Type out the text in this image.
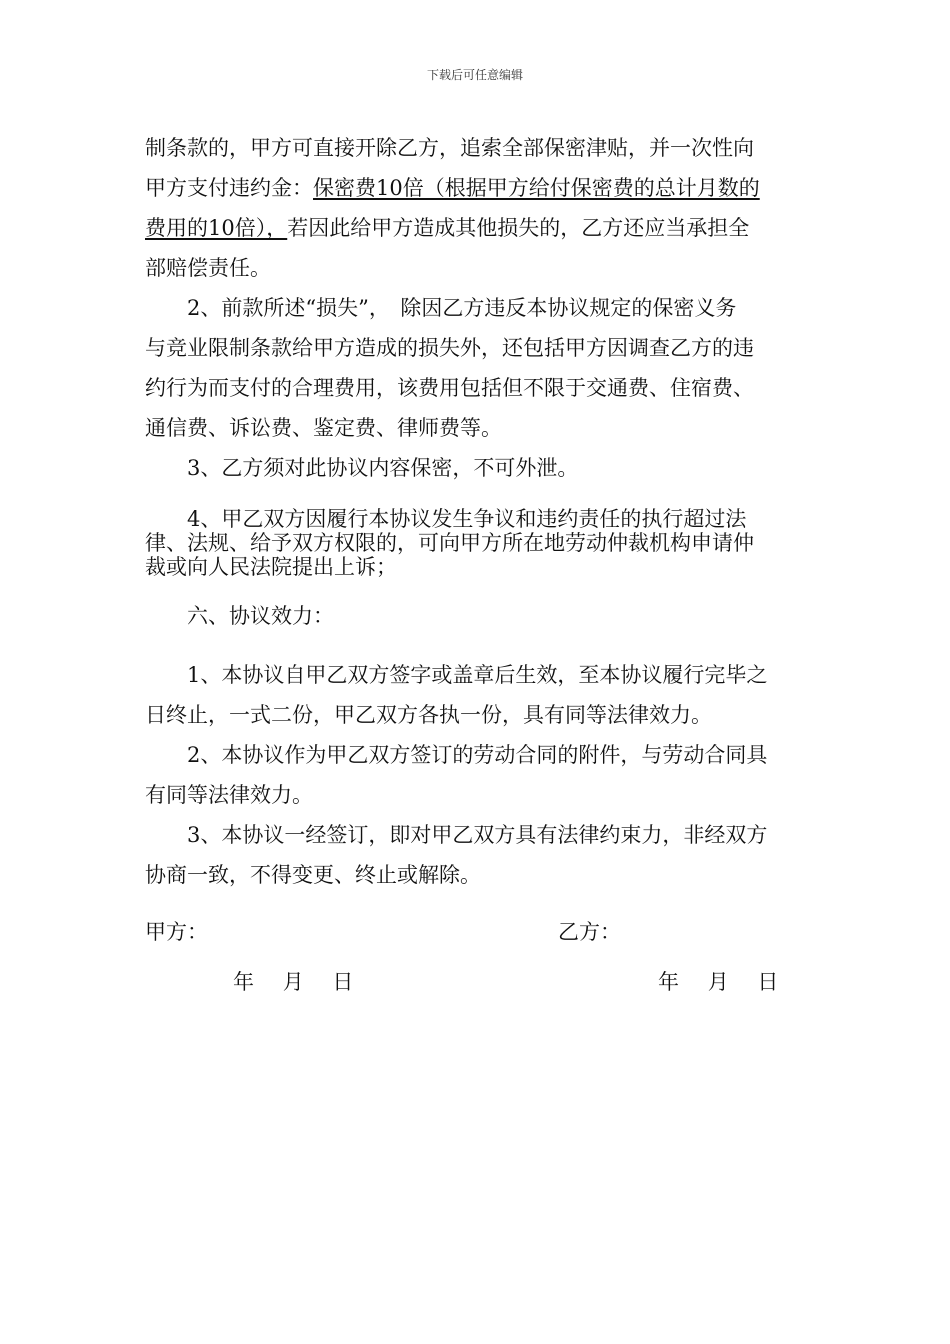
下载后可任意编辑
制条款的，甲方可直接开除乙方，追索全部保密津贴，并一次性向
甲方支付违约金：保密费10倍（根据甲方给付保密费的总计月数的
费用的10倍），若因此给甲方造成其他损失的，乙方还应当承担全
部赔偿责任。
　　2、前款所述“损失”，　除因乙方违反本协议规定的保密义务
与竞业限制条款给甲方造成的损失外，还包括甲方因调查乙方的违
约行为而支付的合理费用，该费用包括但不限于交通费、住宿费、
通信费、诉讼费、鉴定费、律师费等。
　　3、乙方须对此协议内容保密，不可外泄。
　　4、甲乙双方因履行本协议发生争议和违约责任的执行超过法
律、法规、给予双方权限的，可向甲方所在地劳动仲裁机构申请仲
裁或向人民法院提出上诉；
　　六、协议效力：
　　1、本协议自甲乙双方签字或盖章后生效，至本协议履行完毕之
日终止，一式二份，甲乙双方各执一份，具有同等法律效力。
　　2、本协议作为甲乙双方签订的劳动合同的附件，与劳动合同具
有同等法律效力。
　　3、本协议一经签订，即对甲乙双方具有法律约束力，非经双方
协商一致，不得变更、终止或解除。
甲方：	乙方：
年 月 日	年 月 日
